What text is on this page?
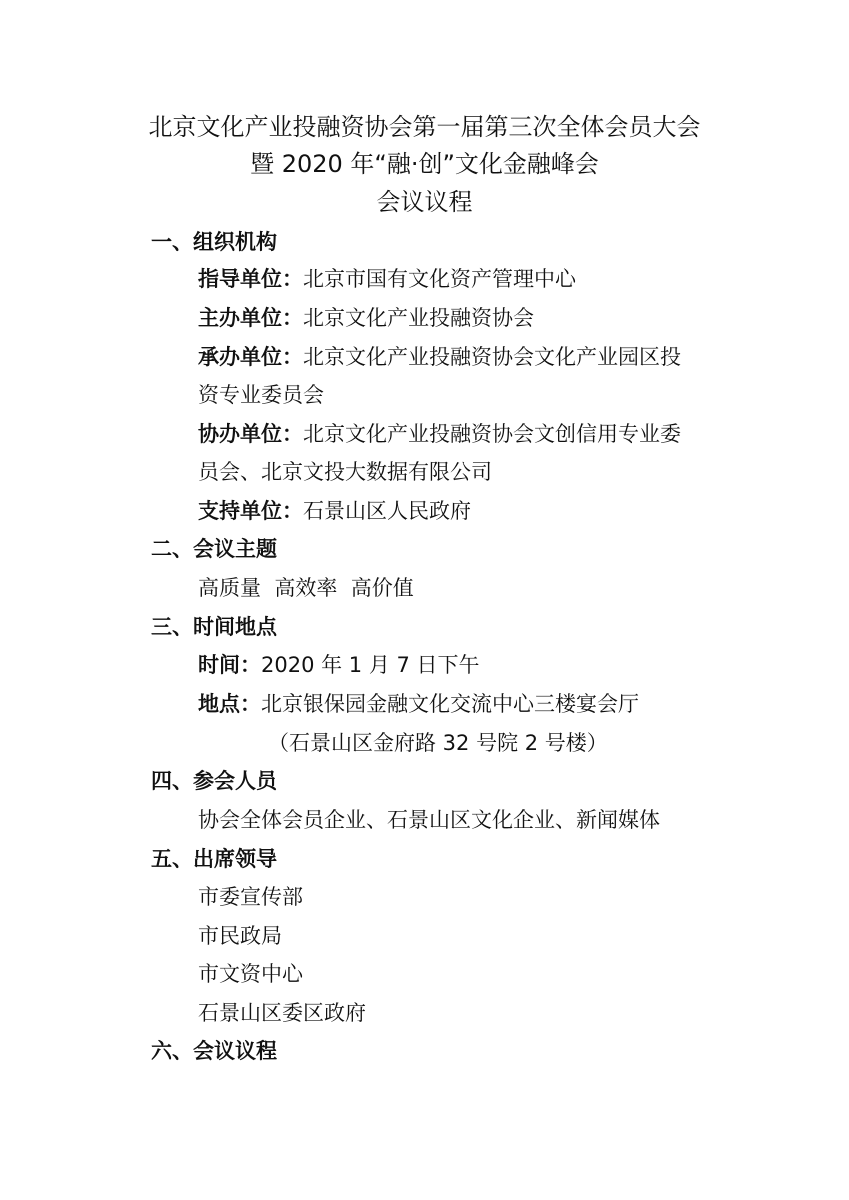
北京文化产业投融资协会第一届第三次全体会员大会
暨 2020 年“融·创”文化金融峰会
会议议程
一、组织机构
指导单位：北京市国有文化资产管理中心
主办单位：北京文化产业投融资协会
承办单位：北京文化产业投融资协会文化产业园区投
资专业委员会
协办单位：北京文化产业投融资协会文创信用专业委
员会、北京文投大数据有限公司
支持单位：石景山区人民政府
二、会议主题
高质量  高效率  高价值
三、时间地点
时间：2020 年 1 月 7 日下午
地点：北京银保园金融文化交流中心三楼宴会厅
（石景山区金府路 32 号院 2 号楼）
四、参会人员
协会全体会员企业、石景山区文化企业、新闻媒体
五、出席领导
市委宣传部
市民政局
市文资中心
石景山区委区政府
六、会议议程
